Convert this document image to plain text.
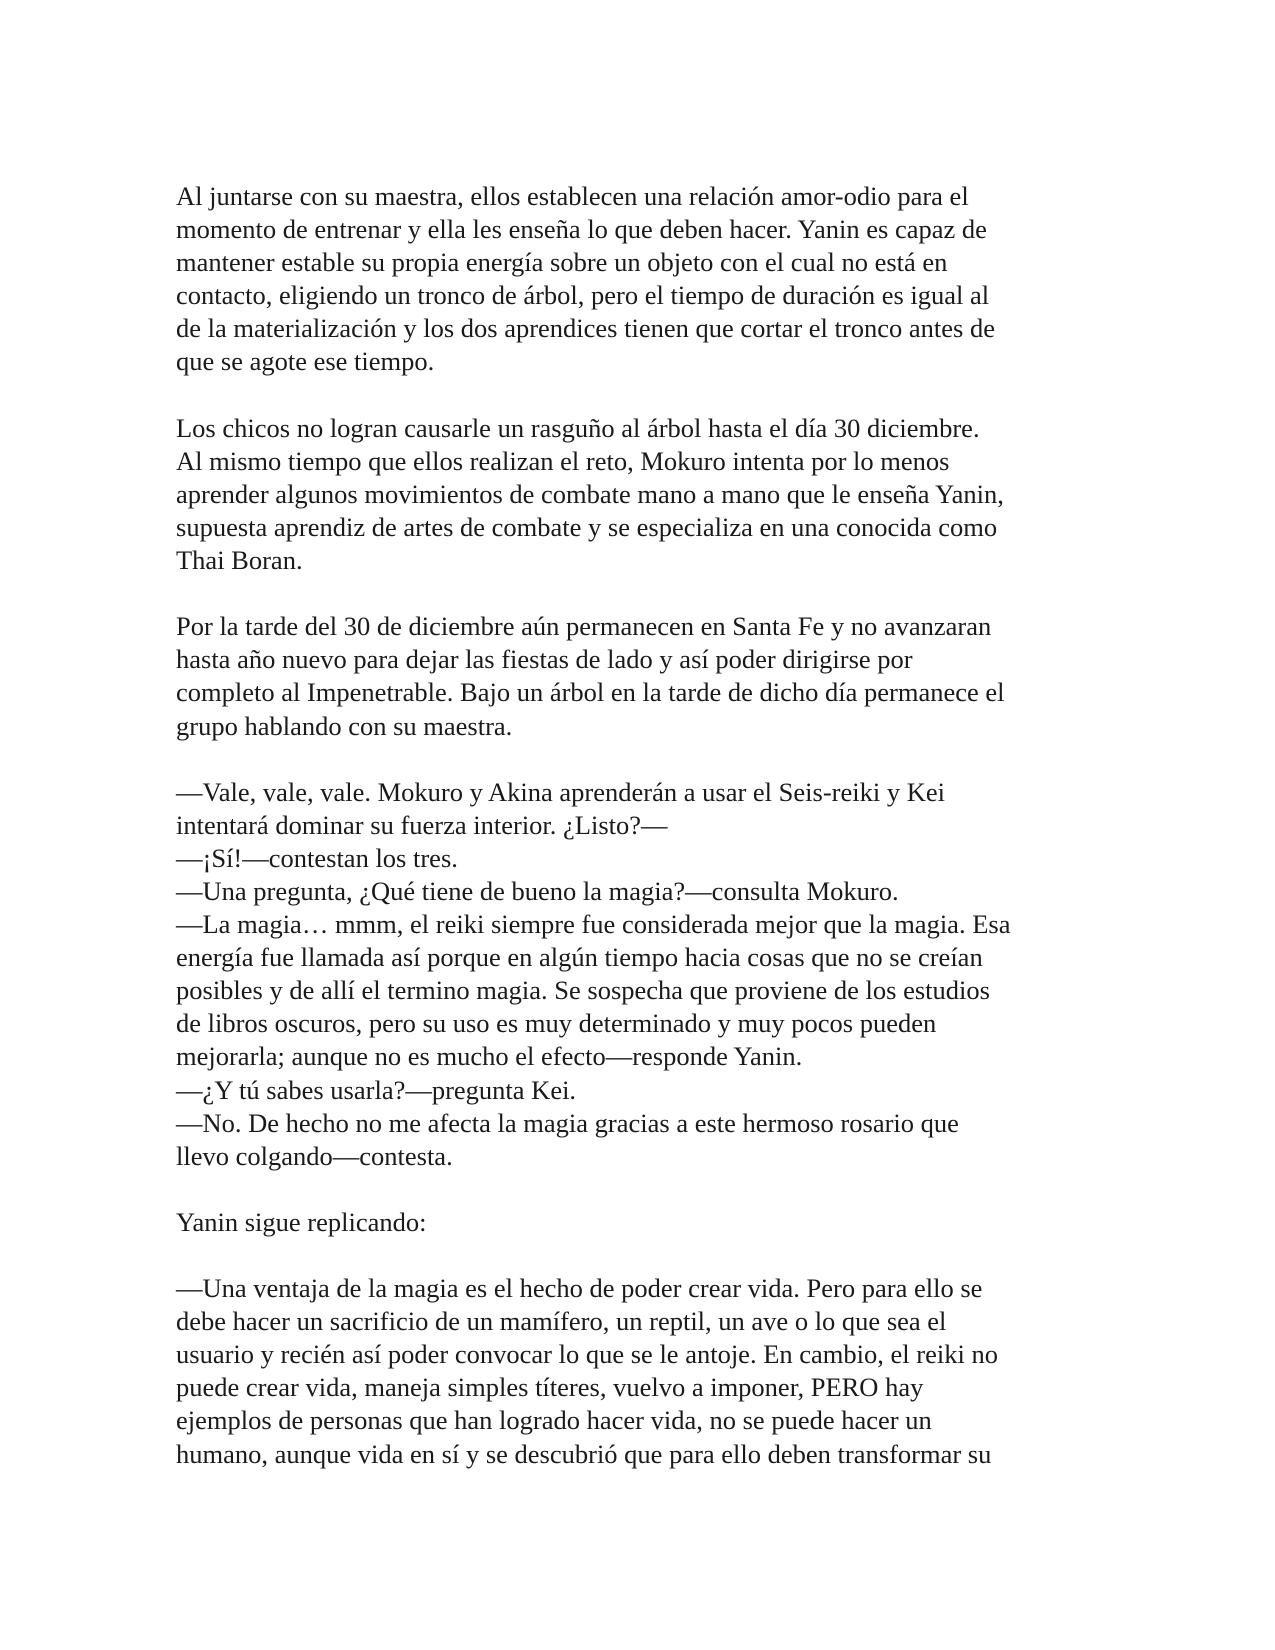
Al juntarse con su maestra, ellos establecen una relación amor-odio para el
momento de entrenar y ella les enseña lo que deben hacer. Yanin es capaz de
mantener estable su propia energía sobre un objeto con el cual no está en
contacto, eligiendo un tronco de árbol, pero el tiempo de duración es igual al
de la materialización y los dos aprendices tienen que cortar el tronco antes de
que se agote ese tiempo.

Los chicos no logran causarle un rasguño al árbol hasta el día 30 diciembre.
Al mismo tiempo que ellos realizan el reto, Mokuro intenta por lo menos
aprender algunos movimientos de combate mano a mano que le enseña Yanin,
supuesta aprendiz de artes de combate y se especializa en una conocida como
Thai Boran.

Por la tarde del 30 de diciembre aún permanecen en Santa Fe y no avanzaran
hasta año nuevo para dejar las fiestas de lado y así poder dirigirse por
completo al Impenetrable. Bajo un árbol en la tarde de dicho día permanece el
grupo hablando con su maestra.

—Vale, vale, vale. Mokuro y Akina aprenderán a usar el Seis-reiki y Kei
intentará dominar su fuerza interior. ¿Listo?—
—¡Sí!—contestan los tres.
—Una pregunta, ¿Qué tiene de bueno la magia?—consulta Mokuro.
—La magia… mmm, el reiki siempre fue considerada mejor que la magia. Esa
energía fue llamada así porque en algún tiempo hacia cosas que no se creían
posibles y de allí el termino magia. Se sospecha que proviene de los estudios
de libros oscuros, pero su uso es muy determinado y muy pocos pueden
mejorarla; aunque no es mucho el efecto—responde Yanin.
—¿Y tú sabes usarla?—pregunta Kei.
—No. De hecho no me afecta la magia gracias a este hermoso rosario que
llevo colgando—contesta.

Yanin sigue replicando:

—Una ventaja de la magia es el hecho de poder crear vida. Pero para ello se
debe hacer un sacrificio de un mamífero, un reptil, un ave o lo que sea el
usuario y recién así poder convocar lo que se le antoje. En cambio, el reiki no
puede crear vida, maneja simples títeres, vuelvo a imponer, PERO hay
ejemplos de personas que han logrado hacer vida, no se puede hacer un
humano, aunque vida en sí y se descubrió que para ello deben transformar su
